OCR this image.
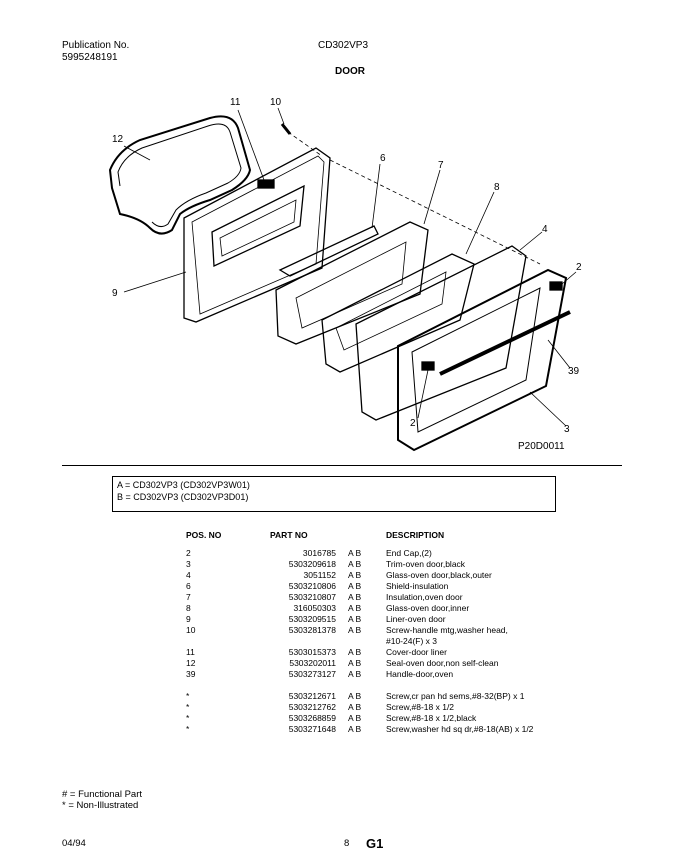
Publication No.
5995248191
CD302VP3
DOOR
11	10
12
6
7
8
4
2
9
39
2
3
P20D0011
A = CD302VP3 (CD302VP3W01)
B = CD302VP3 (CD302VP3D01)
POS. NO	PART NO		DESCRIPTION
2	3016785	A B	End Cap,(2)
3	5303209618	A B	Trim-oven door,black
4	3051152	A B	Glass-oven door,black,outer
6	5303210806	A B	Shield-insulation
7	5303210807	A B	Insulation,oven door
8	316050303	A B	Glass-oven door,inner
9	5303209515	A B	Liner-oven door
10	5303281378	A B	Screw-handle mtg,washer head,
			#10-24(F) x 3
11	5303015373	A B	Cover-door liner
12	5303202011	A B	Seal-oven door,non self-clean
39	5303273127	A B	Handle-door,oven

*	5303212671	A B	Screw,cr pan hd sems,#8-32(BP) x 1
*	5303212762	A B	Screw,#8-18 x 1/2
*	5303268859	A B	Screw,#8-18 x 1/2,black
*	5303271648	A B	Screw,washer hd sq dr,#8-18(AB) x 1/2
# = Functional Part
* = Non-Illustrated
04/94	8 G1
